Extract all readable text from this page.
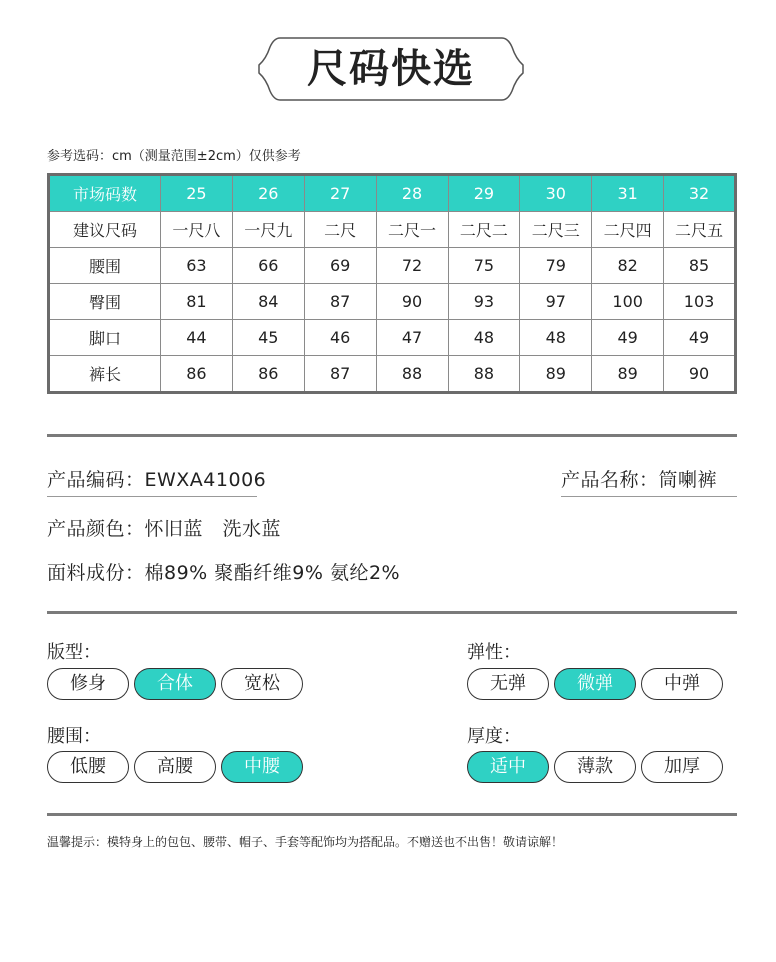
尺码快选
参考选码：cm（测量范围±2cm）仅供参考
市场码数	25	26	27	28	29	30	31	32
建议尺码	一尺八	一尺九	二尺	二尺一	二尺二	二尺三	二尺四	二尺五
腰围	63	66	69	72	75	79	82	85
臀围	81	84	87	90	93	97	100	103
脚口	44	45	46	47	48	48	49	49
裤长	86	86	87	88	88	89	89	90
产品编码：EWXA41006	产品名称：筒喇裤
产品颜色：怀旧蓝　洗水蓝
面料成份：棉89% 聚酯纤维9% 氨纶2%
版型：
修身	合体	宽松
弹性：
无弹	微弹	中弹
腰围：
低腰	高腰	中腰
厚度：
适中	薄款	加厚
温馨提示：模特身上的包包、腰带、帽子、手套等配饰均为搭配品。不赠送也不出售！敬请谅解！
